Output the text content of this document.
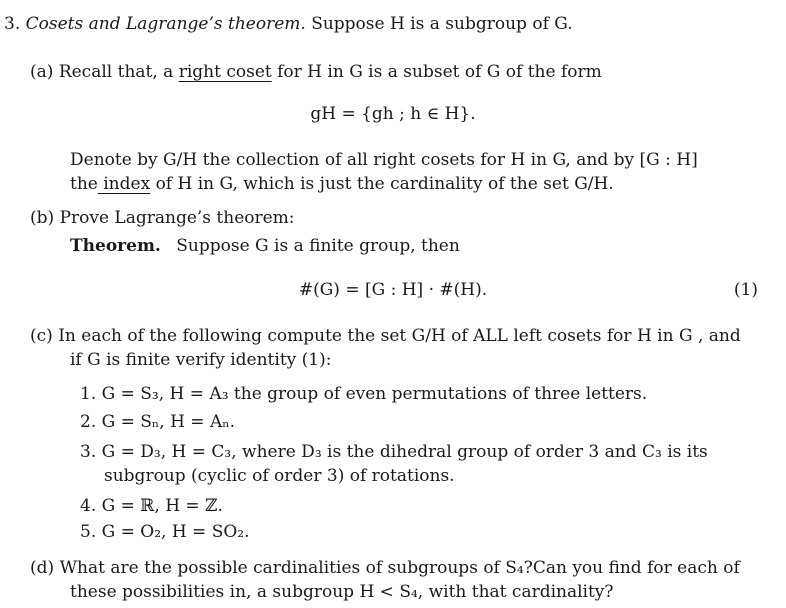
3. Cosets and Lagrange’s theorem. Suppose H is a subgroup of G.
(a) Recall that, a right coset for H in G is a subset of G of the form
gH = {gh ; h ∈ H}.
Denote by G/H the collection of all right cosets for H in G, and by [G : H]
the index of H in G, which is just the cardinality of the set G/H.
(b) Prove Lagrange’s theorem:
Theorem. Suppose G is a finite group, then
#(G) = [G : H] · #(H).	(1)
(c) In each of the following compute the set G/H of ALL left cosets for H in G , and
if G is finite verify identity (1):
1. G = S₃, H = A₃ the group of even permutations of three letters.
2. G = Sₙ, H = Aₙ.
3. G = D₃, H = C₃, where D₃ is the dihedral group of order 3 and C₃ is its
subgroup (cyclic of order 3) of rotations.
4. G = ℝ, H = ℤ.
5. G = O₂, H = SO₂.
(d) What are the possible cardinalities of subgroups of S₄?Can you find for each of
these possibilities in, a subgroup H < S₄, with that cardinality?
